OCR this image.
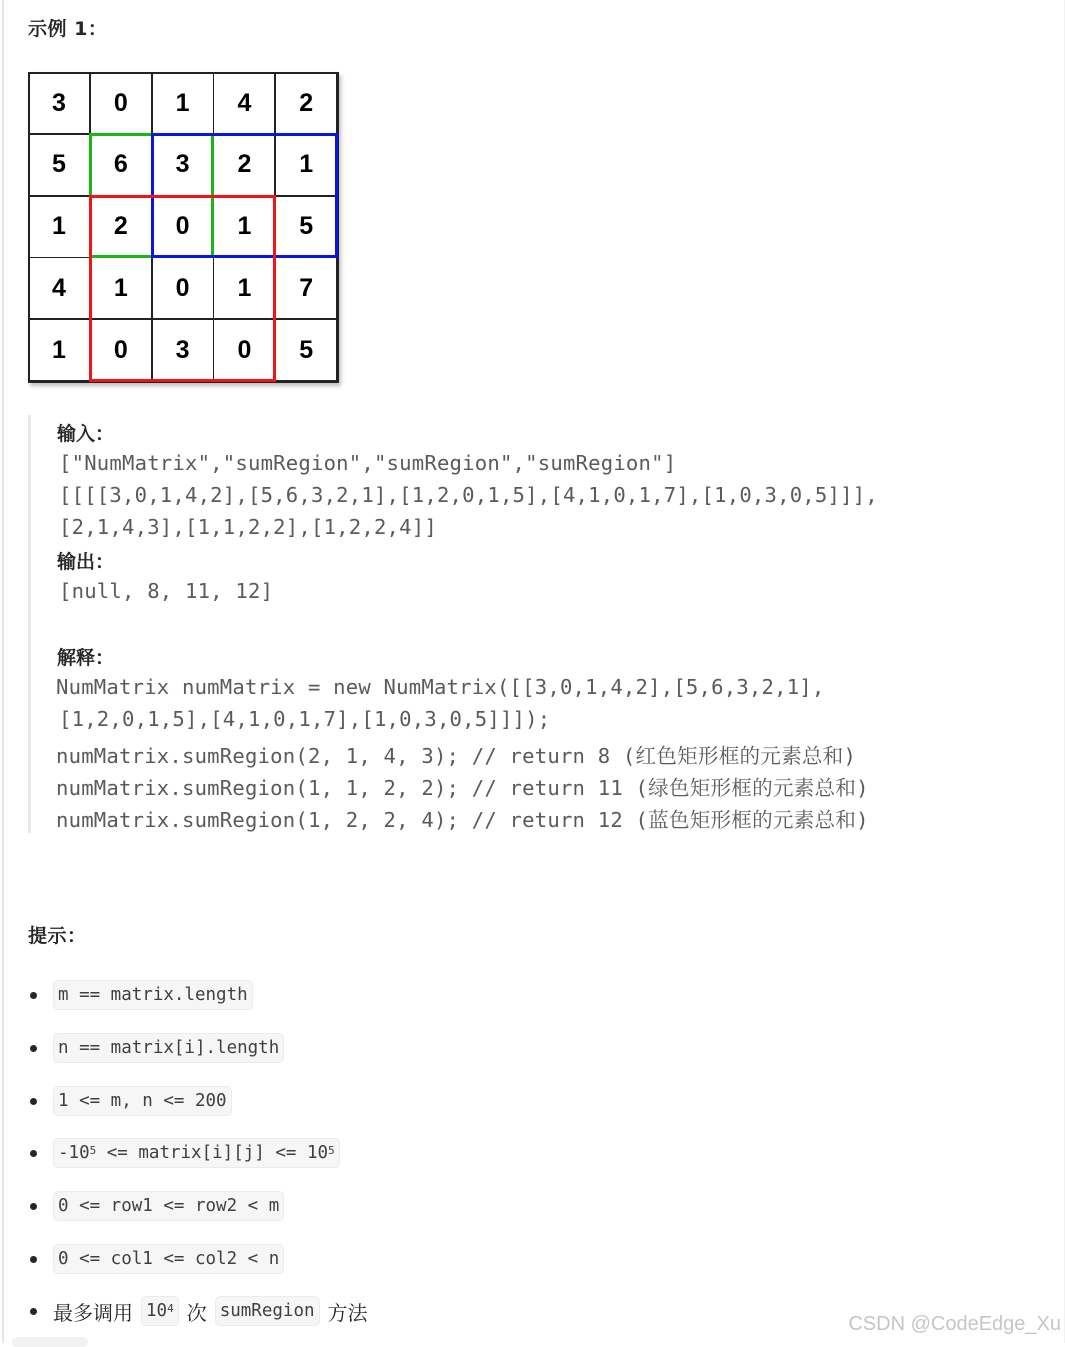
示例 1：
5
0
3
0
1
7
1
0
1
4
5
1
0
2
1
1
2
3
6
5
2
4
1
0
3
输入：
["NumMatrix","sumRegion","sumRegion","sumRegion"]
[[[[3,0,1,4,2],[5,6,3,2,1],[1,2,0,1,5],[4,1,0,1,7],[1,0,3,0,5]]],
[2,1,4,3],[1,1,2,2],[1,2,2,4]]
输出：
[null, 8, 11, 12]
解释：
NumMatrix numMatrix = new NumMatrix([[3,0,1,4,2],[5,6,3,2,1],
[1,2,0,1,5],[4,1,0,1,7],[1,0,3,0,5]]]);
numMatrix.sumRegion(2, 1, 4, 3); // return 8 (红色矩形框的元素总和)
numMatrix.sumRegion(1, 1, 2, 2); // return 11 (绿色矩形框的元素总和)
numMatrix.sumRegion(1, 2, 2, 4); // return 12 (蓝色矩形框的元素总和)
提示：
m == matrix.length
n == matrix[i].length
1 <= m, n <= 200
$-10^5$ <= matrix[i][j] <= $10^5$
0 <= row1 <= row2 < m
0 <= col1 <= col2 < n
最多调用 $10^4$ 次 sumRegion 方法	CSDN @CodeEdge_Xu
